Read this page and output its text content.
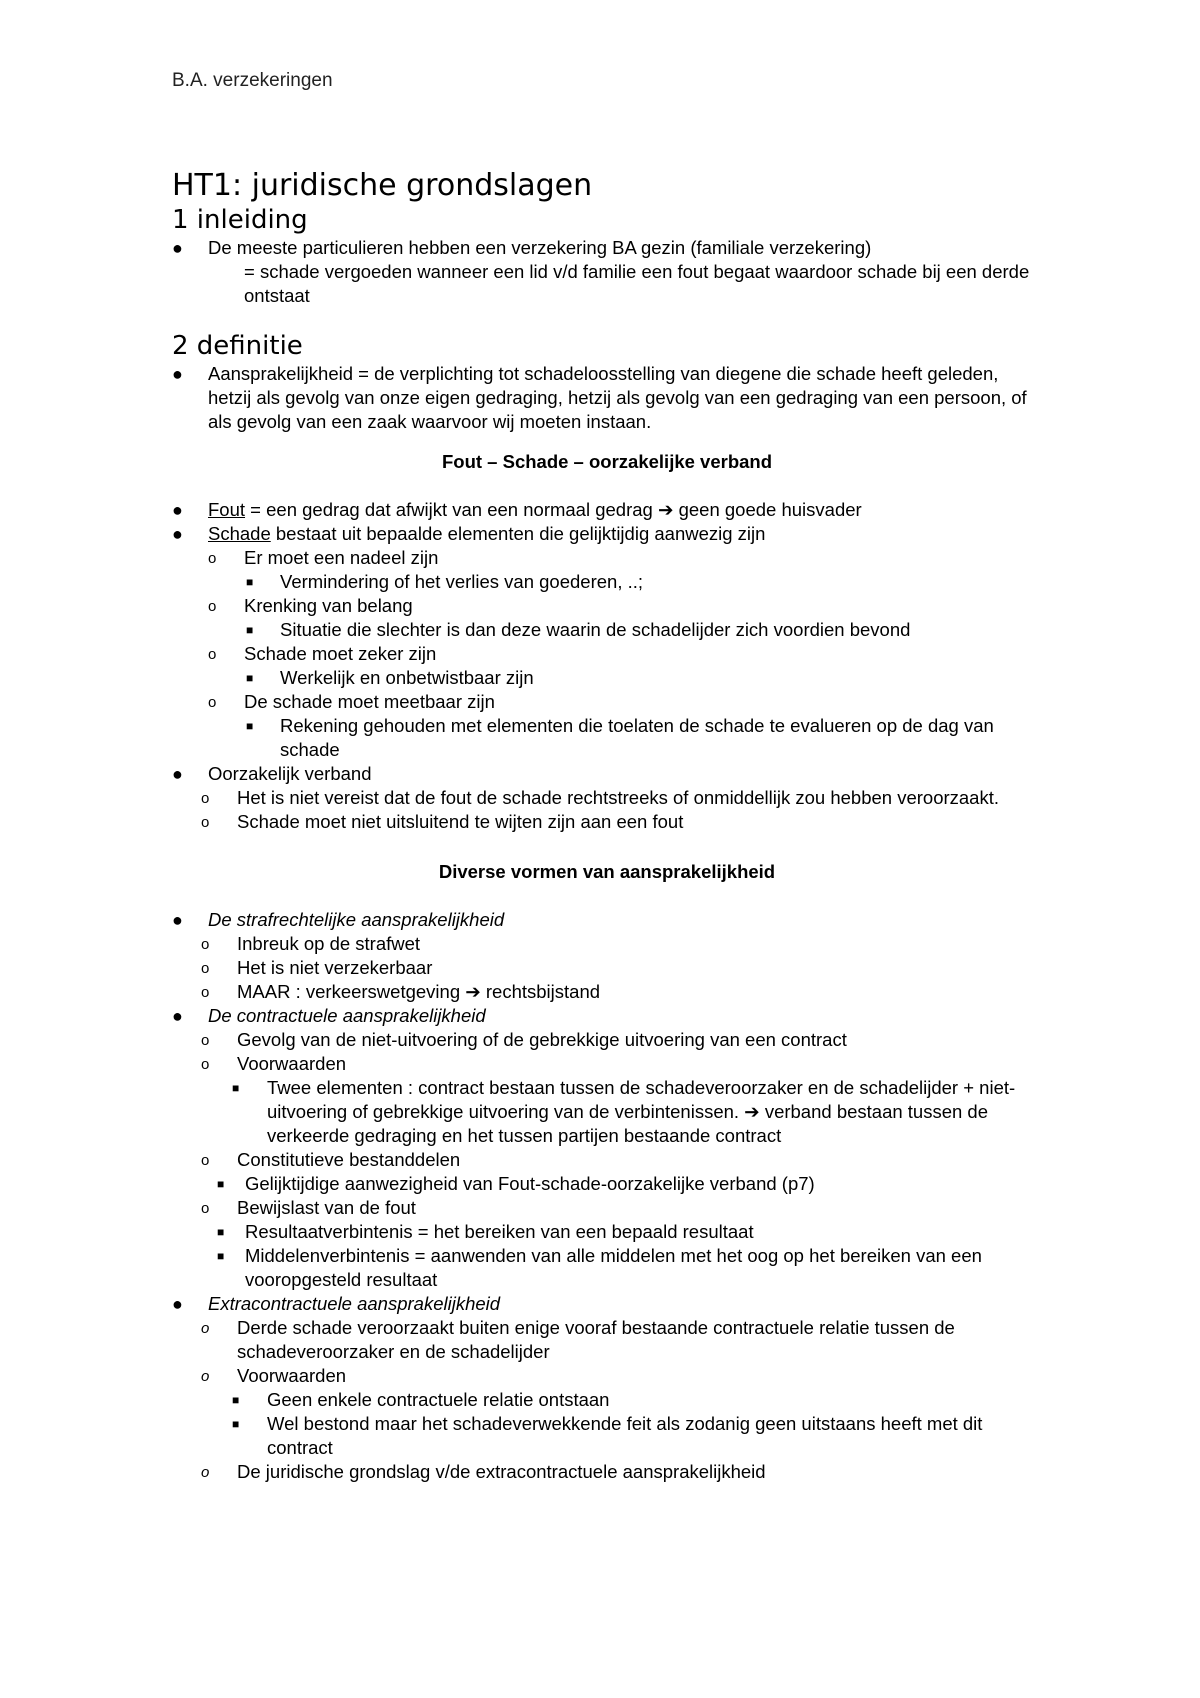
B.A. verzekeringen
HT1: juridische grondslagen
1 inleiding
●	De meeste particulieren hebben een verzekering BA gezin (familiale verzekering)
= schade vergoeden wanneer een lid v/d familie een fout begaat waardoor schade bij een derde ontstaat
2 definitie
●	Aansprakelijkheid = de verplichting tot schadeloosstelling van diegene die schade heeft geleden, hetzij als gevolg van onze eigen gedraging, hetzij als gevolg van een gedraging van een persoon, of als gevolg van een zaak waarvoor wij moeten instaan.
Fout – Schade – oorzakelijke verband
●	Fout = een gedrag dat afwijkt van een normaal gedrag ➔ geen goede huisvader
●	Schade bestaat uit bepaalde elementen die gelijktijdig aanwezig zijn
o Er moet een nadeel zijn
■ Vermindering of het verlies van goederen, ..;
o Krenking van belang
■ Situatie die slechter is dan deze waarin de schadelijder zich voordien bevond
o Schade moet zeker zijn
■ Werkelijk en onbetwistbaar zijn
o De schade moet meetbaar zijn
■ Rekening gehouden met elementen die toelaten de schade te evalueren op de dag van schade
●	Oorzakelijk verband
o Het is niet vereist dat de fout de schade rechtstreeks of onmiddellijk zou hebben veroorzaakt.
o Schade moet niet uitsluitend te wijten zijn aan een fout
Diverse vormen van aansprakelijkheid
●	De strafrechtelijke aansprakelijkheid
o Inbreuk op de strafwet
o Het is niet verzekerbaar
o MAAR : verkeerswetgeving ➔ rechtsbijstand
●	De contractuele aansprakelijkheid
o Gevolg van de niet-uitvoering of de gebrekkige uitvoering van een contract
o Voorwaarden
■ Twee elementen : contract bestaan tussen de schadeveroorzaker en de schadelijder + niet-uitvoering of gebrekkige uitvoering van de verbintenissen. ➔ verband bestaan tussen de verkeerde gedraging en het tussen partijen bestaande contract
o Constitutieve bestanddelen
■ Gelijktijdige aanwezigheid van Fout-schade-oorzakelijke verband (p7)
o Bewijslast van de fout
■ Resultaatverbintenis = het bereiken van een bepaald resultaat
■ Middelenverbintenis = aanwenden van alle middelen met het oog op het bereiken van een vooropgesteld resultaat
●	Extracontractuele aansprakelijkheid
o Derde schade veroorzaakt buiten enige vooraf bestaande contractuele relatie tussen de schadeveroorzaker en de schadelijder
o Voorwaarden
■ Geen enkele contractuele relatie ontstaan
■ Wel bestond maar het schadeverwekkende feit als zodanig geen uitstaans heeft met dit contract
o De juridische grondslag v/de extracontractuele aansprakelijkheid
